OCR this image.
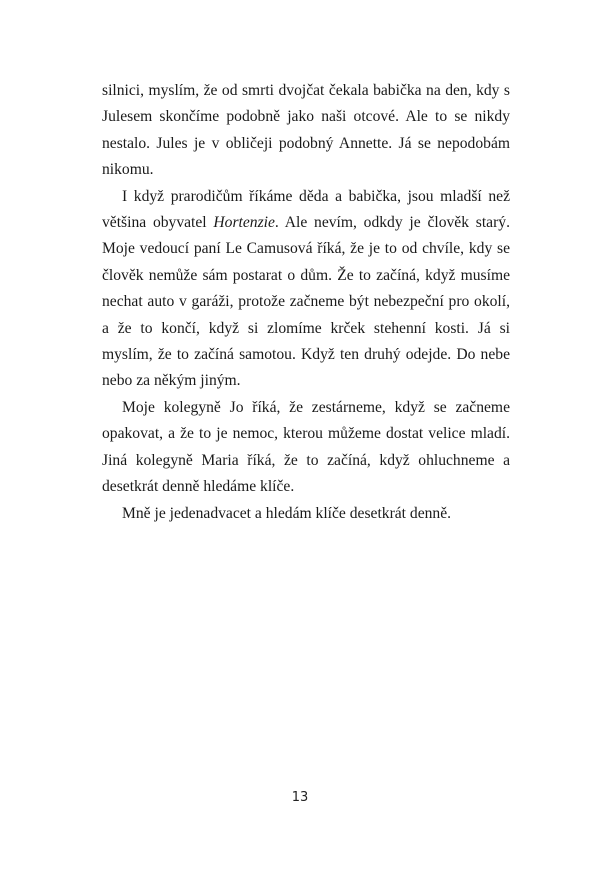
silnici, myslím, že od smrti dvojčat čekala babička na den, kdy s Julesem skončíme podobně jako naši otcové. Ale to se nikdy nestalo. Jules je v obličeji podobný Annette. Já se nepodobám nikomu.

I když prarodičům říkáme děda a babička, jsou mladší než většina obyvatel Hortenzie. Ale nevím, odkdy je člověk starý. Moje vedoucí paní Le Camusová říká, že je to od chvíle, kdy se člověk nemůže sám postarat o dům. Že to začíná, když musíme nechat auto v garáži, protože začneme být nebezpeční pro okolí, a že to končí, když si zlomíme krček stehenní kosti. Já si myslím, že to začíná samotou. Když ten druhý odejde. Do nebe nebo za někým jiným.

Moje kolegyně Jo říká, že zestárneme, když se začneme opakovat, a že to je nemoc, kterou můžeme dostat velice mladí. Jiná kolegyně Maria říká, že to začíná, když ohluchneme a desetkrát denně hledáme klíče.

Mně je jedenadvacet a hledám klíče desetkrát denně.

13
